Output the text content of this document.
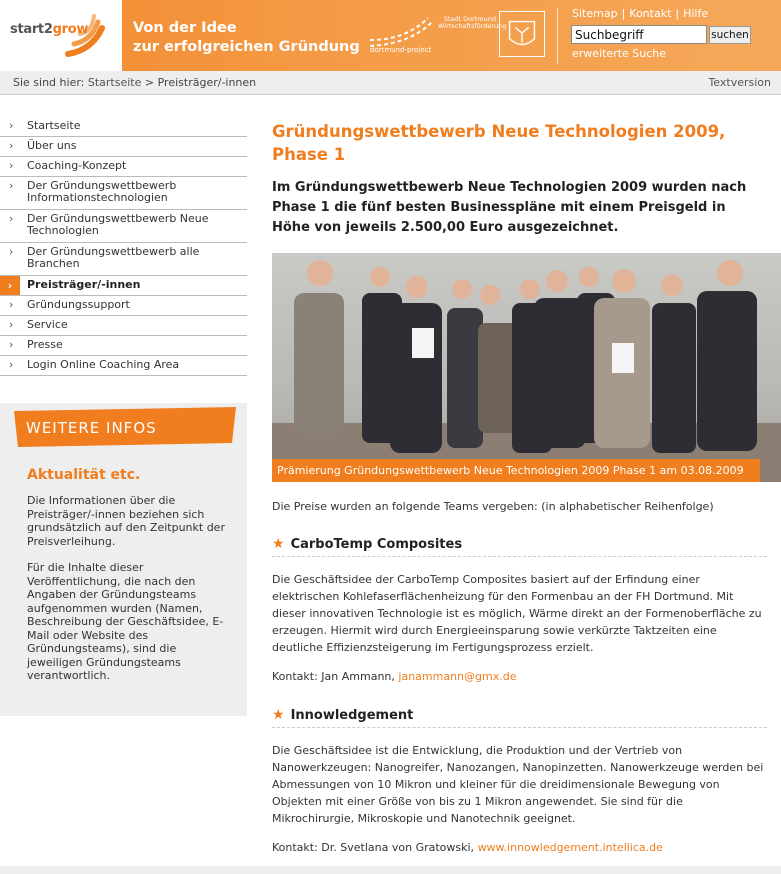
start2grow	Von der Idee
zur erfolgreichen Gründung dortmund-project
Stadt Dortmund
Wirtschaftsförderung
Sitemap | Kontakt | Hilfe
Suchbegriff
suchen
erweiterte Suche
Sie sind hier: Startseite > Preisträger/-innen	Textversion
› Startseite
› Über uns
› Coaching-Konzept
› Der Gründungswettbewerb Informationstechnologien
› Der Gründungswettbewerb Neue Technologien
› Der Gründungswettbewerb alle Branchen
›	Preisträger/-innen
› Gründungssupport
› Service
› Presse
› Login Online Coaching Area
WEITERE INFOS
Aktualität etc.

Die Informationen über die Preisträger/-innen beziehen sich grundsätzlich auf den Zeitpunkt der Preisverleihung.

Für die Inhalte dieser Veröffentlichung, die nach den Angaben der Gründungsteams aufgenommen wurden (Namen, Beschreibung der Geschäftsidee, E-Mail oder Website des Gründungsteams), sind die jeweiligen Gründungsteams verantwortlich.

Gründungswettbewerb Neue Technologien 2009, Phase 1

Im Gründungswettbewerb Neue Technologien 2009 wurden nach Phase 1 die fünf besten Businesspläne mit einem Preisgeld in Höhe von jeweils 2.500,00 Euro ausgezeichnet.

Prämierung Gründungswettbewerb Neue Technologien 2009 Phase 1 am 03.08.2009
Die Preise wurden an folgende Teams vergeben: (in alphabetischer Reihenfolge)
★ CarboTemp Composites

Die Geschäftsidee der CarboTemp Composites basiert auf der Erfindung einer elektrischen Kohlefaserflächenheizung für den Formenbau an der FH Dortmund. Mit dieser innovativen Technologie ist es möglich, Wärme direkt an der Formenoberfläche zu erzeugen. Hiermit wird durch Energieeinsparung sowie verkürzte Taktzeiten eine deutliche Effizienzsteigerung im Fertigungsprozess erzielt.

Kontakt: Jan Ammann, janammann@gmx.de

★ Innowledgement

Die Geschäftsidee ist die Entwicklung, die Produktion und der Vertrieb von Nanowerkzeugen: Nanogreifer, Nanozangen, Nanopinzetten. Nanowerkzeuge werden bei Abmessungen von 10 Mikron und kleiner für die dreidimensionale Bewegung von Objekten mit einer Größe von bis zu 1 Mikron angewendet. Sie sind für die Mikrochirurgie, Mikroskopie und Nanotechnik geeignet.

Kontakt: Dr. Svetlana von Gratowski, www.innowledgement.intellica.de
